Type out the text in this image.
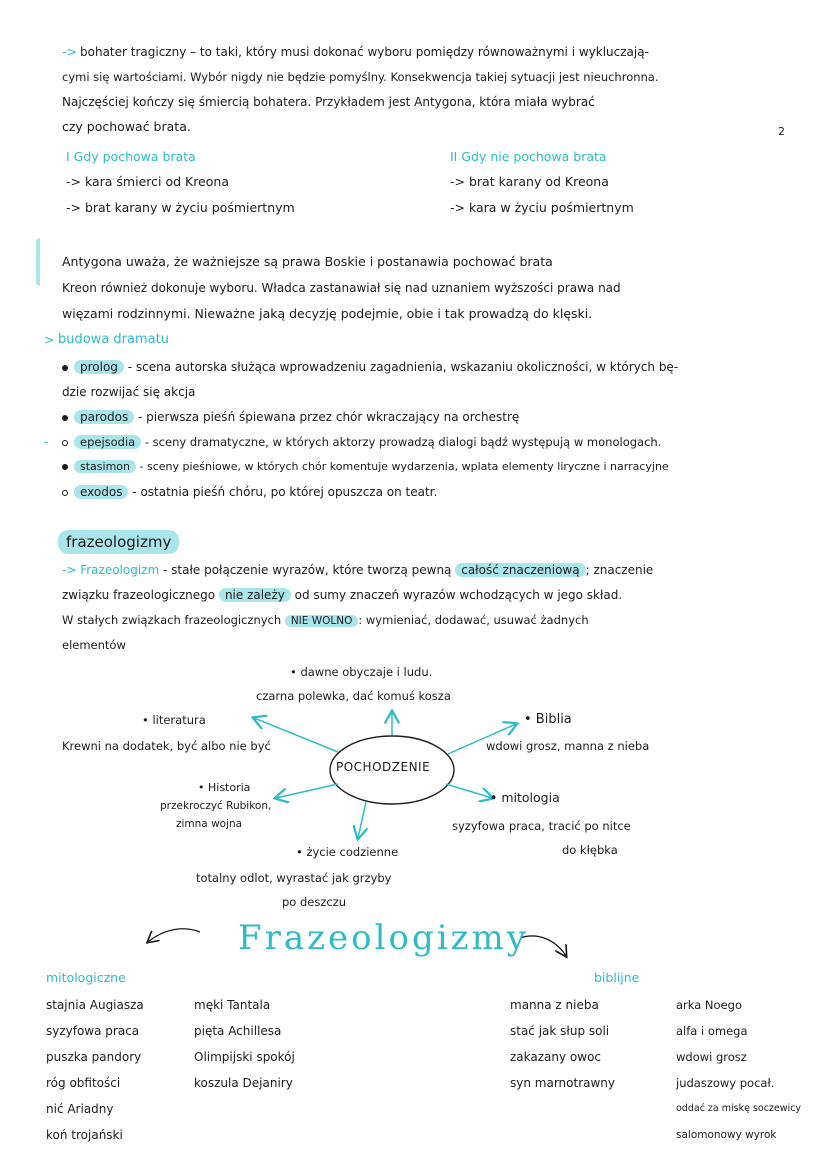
-> bohater tragiczny – to taki, który musi dokonać wyboru pomiędzy równoważnymi i wykluczają-
cymi się wartościami. Wybór nigdy nie będzie pomyślny. Konsekwencja takiej sytuacji jest nieuchronna.
Najczęściej kończy się śmiercią bohatera. Przykładem jest Antygona, która miała wybrać
czy pochować brata.	2
I Gdy pochowa brata
-> kara śmierci od Kreona
-> brat karany w życiu pośmiertnym
II Gdy nie pochowa brata
-> brat karany od Kreona
-> kara w życiu pośmiertnym
Antygona uważa, że ważniejsze są prawa Boskie i postanawia pochować brata
Kreon również dokonuje wyboru. Władca zastanawiał się nad uznaniem wyższości prawa nad
więzami rodzinnymi. Nieważne jaką decyzję podejmie, obie i tak prowadzą do klęski.
> budowa dramatu
prolog - scena autorska służąca wprowadzeniu zagadnienia, wskazaniu okoliczności, w których bę-
dzie rozwijać się akcja
parodos - pierwsza pieśń śpiewana przez chór wkraczający na orchestrę
epejsodia - sceny dramatyczne, w których aktorzy prowadzą dialogi bądź występują w monologach.
-
stasimon - sceny pieśniowe, w których chór komentuje wydarzenia, wplata elementy liryczne i narracyjne
exodos - ostatnia pieśń chóru, po której opuszcza on teatr.
frazeologizmy
-> Frazeologizm - stałe połączenie wyrazów, które tworzą pewną całość znaczeniową ; znaczenie
związku frazeologicznego nie zależy od sumy znaczeń wyrazów wchodzących w jego skład.
W stałych związkach frazeologicznych NIE WOLNO : wymieniać, dodawać, usuwać żadnych
elementów
POCHODZENIE
• dawne obyczaje i ludu.
czarna polewka, dać komuś kosza
• literatura
Krewni na dodatek, być albo nie być
• Biblia
wdowi grosz, manna z nieba
• Historia
przekroczyć Rubikon,
zimna wojna
• mitologia
syzyfowa praca, tracić po nitce
do kłębka
• życie codzienne
totalny odlot, wyrastać jak grzyby
po deszczu
Frazeologizmy
mitologiczne
stajnia Augiasza
syzyfowa praca
puszka pandory
róg obfitości
nić Ariadny
koń trojański
męki Tantala
pięta Achillesa
Olimpijski spokój
koszula Dejaniry
biblijne
manna z nieba
stać jak słup soli
zakazany owoc
syn marnotrawny
arka Noego
alfa i omega
wdowi grosz
judaszowy pocał.
oddać za miskę soczewicy
salomonowy wyrok
